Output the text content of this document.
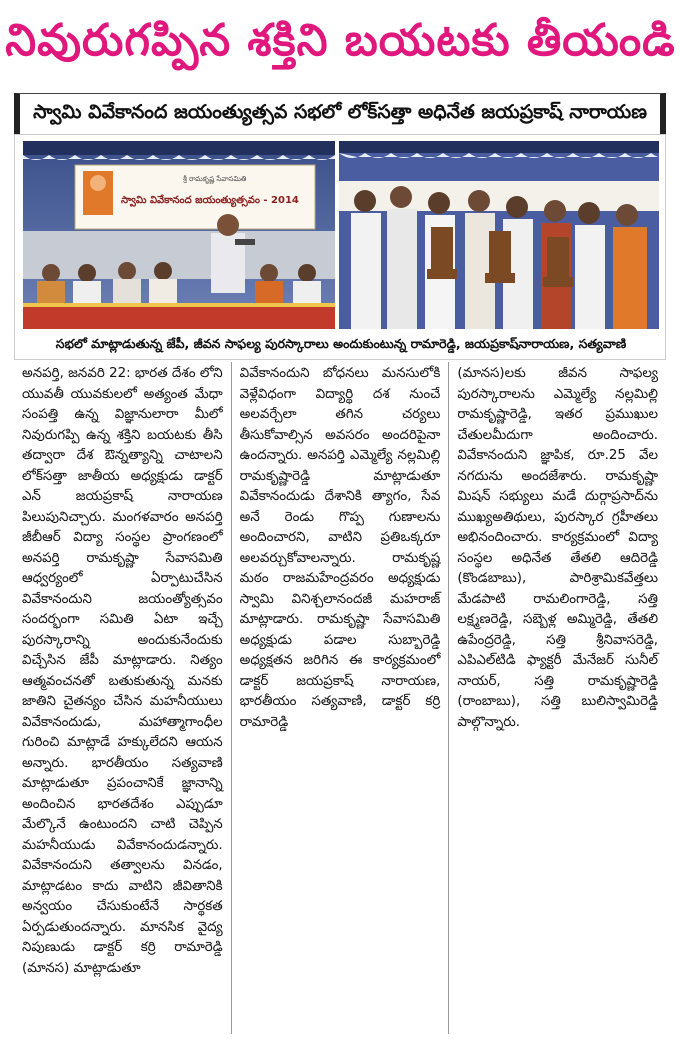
నివురుగప్పిన శక్తిని బయటకు తీయండి
స్వామి వివేకానంద జయంత్యుత్సవ సభలో లోక్‌సత్తా అధినేత జయప్రకాష్ నారాయణ
శ్రీ రామకృష్ణ సేవాసమితి
స్వామి వివేకానంద జయంత్యుత్సవం - 2014
సభలో మాట్లాడుతున్న జేపీ, జీవన సాఫల్య పురస్కారాలు అందుకుంటున్న రామారెడ్డి, జయప్రకాష్‌నారాయణ, సత్యవాణి

అనపర్తి, జనవరి 22: భారత దేశం లోని యువతీ యువకులలో అత్యంత మేధా సంపత్తి ఉన్న విజ్ఞానులారా మీలో నివురుగప్పి ఉన్న శక్తిని బయటకు తీసి తద్వారా దేశ ఔన్నత్యాన్ని చాటాలని లోక్‌సత్తా జాతీయ అధ్యక్షుడు డాక్టర్ ఎన్ జయప్రకాష్ నారాయణ పిలుపునిచ్చారు. మంగళవారం అనపర్తి జీబీఆర్ విద్యా సంస్థల ప్రాంగణంలో అనపర్తి రామకృష్ణా సేవాసమితి ఆధ్వర్యంలో ఏర్పాటుచేసిన వివేకానందుని జయంత్యోత్సవం సందర్భంగా సమితి ఏటా ఇచ్చే పురస్కారాన్ని అందుకునేందుకు విచ్చేసిన జేపీ మాట్లాడారు. నిత్యం ఆత్మవంచనతో బతుకుతున్న మనకు జాతిని చైతన్యం చేసిన మహనీయులు వివేకానందుడు, మహాత్మాగాంధీల గురించి మాట్లాడే హక్కులేదని ఆయన అన్నారు. భారతీయం సత్యవాణి మాట్లాడుతూ ప్రపంచానికే జ్ఞానాన్ని అందించిన భారతదేశం ఎప్పుడూ మేల్కొనే ఉంటుందని చాటి చెప్పిన మహనీయుడు వివేకానందుడన్నారు. వివేకానందుని తత్వాలను వినడం, మాట్లాడటం కాదు వాటిని జీవితానికి అన్వయం చేసుకుంటేనే సార్థకత ఏర్పడుతుందన్నారు. మానసిక వైద్య నిపుణుడు డాక్టర్ కర్రి రామారెడ్డి (మానస) మాట్లాడుతూ

వివేకానందుని బోధనలు మనసులోకి వెళ్లేవిధంగా విద్యార్థి దశ నుంచే అలవర్చేలా తగిన చర్యలు తీసుకోవాల్సిన అవసరం అందరిపైనా ఉందన్నారు. అనపర్తి ఎమ్మెల్యే నల్లమిల్లి రామకృష్ణారెడ్డి మాట్లాడుతూ వివేకానందుడు దేశానికి త్యాగం, సేవ అనే రెండు గొప్ప గుణాలను అందించారని, వాటిని ప్రతిఒక్కరూ అలవర్చుకోవాలన్నారు. రామకృష్ణ మఠం రాజమహేంద్రవరం అధ్యక్షుడు స్వామి వినిశ్చలానందజీ మహరాజ్ మాట్లాడారు. రామకృష్ణా సేవాసమితి అధ్యక్షుడు పడాల సుబ్బారెడ్డి అధ్యక్షతన జరిగిన ఈ కార్యక్రమంలో డాక్టర్ జయప్రకాష్ నారాయణ, భారతీయం సత్యవాణి, డాక్టర్ కర్రి రామారెడ్డి

(మానస)లకు జీవన సాఫల్య పురస్కారాలను ఎమ్మెల్యే నల్లమిల్లి రామకృష్ణారెడ్డి, ఇతర ప్రముఖుల చేతులమీదుగా అందించారు. వివేకానందుని జ్ఞాపిక, రూ.25 వేల నగదును అందజేశారు. రామకృష్ణా మిషన్ సభ్యులు మడే దుర్గాప్రసాద్‌ను ముఖ్యఅతిథులు, పురస్కార గ్రహీతలు అభినందించారు. కార్యక్రమంలో విద్యా సంస్థల అధినేత తేతలి ఆదిరెడ్డి (కొండబాబు), పారిశ్రామికవేత్తలు మేడపాటి రామలింగారెడ్డి, సత్తి లక్ష్మణరెడ్డి, సబ్బెళ్ల అమ్మిరెడ్డి, తేతలి ఉపేంద్రరెడ్డి, సత్తి శ్రీనివాసరెడ్డి, ఎపిఎల్‌టిడి ఫ్యాక్టరీ మేనేజర్ సునీల్ నాయర్, సత్తి రామకృష్ణారెడ్డి (రాంబాబు), సత్తి బులిస్వామిరెడ్డి పాల్గొన్నారు.
